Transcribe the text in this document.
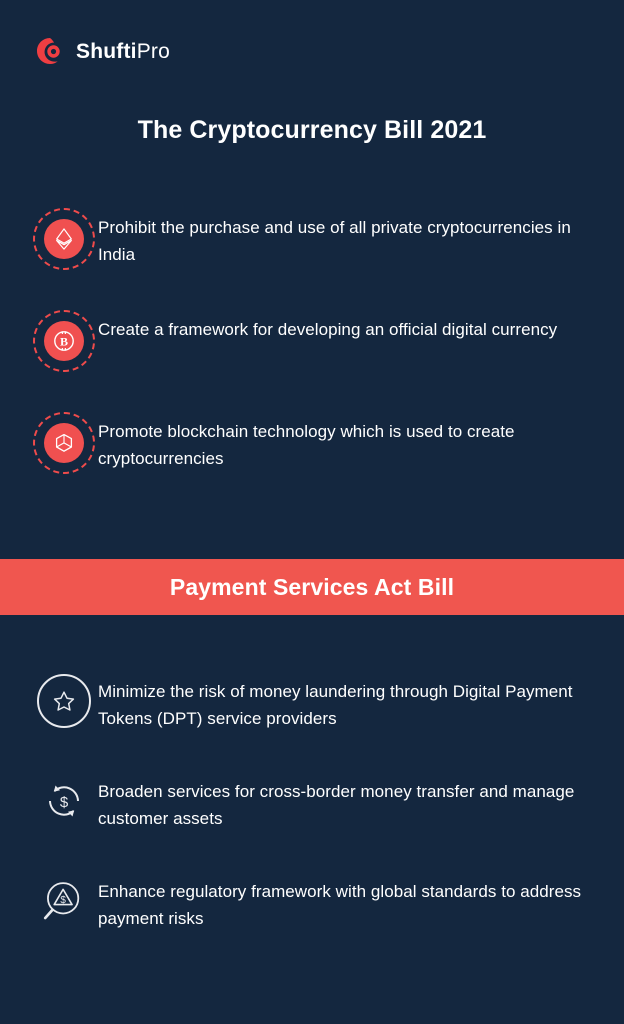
ShuftiPro
The Cryptocurrency Bill 2021
Prohibit the purchase and use of all private cryptocurrencies in India
B
Create a framework for developing an official digital currency
Promote blockchain technology which is used to create cryptocurrencies
Payment Services Act Bill
Minimize the risk of money laundering through Digital Payment Tokens (DPT) service providers
$
Broaden services for cross-border money transfer and manage customer assets
$ Enhance regulatory framework with global standards to address payment risks
